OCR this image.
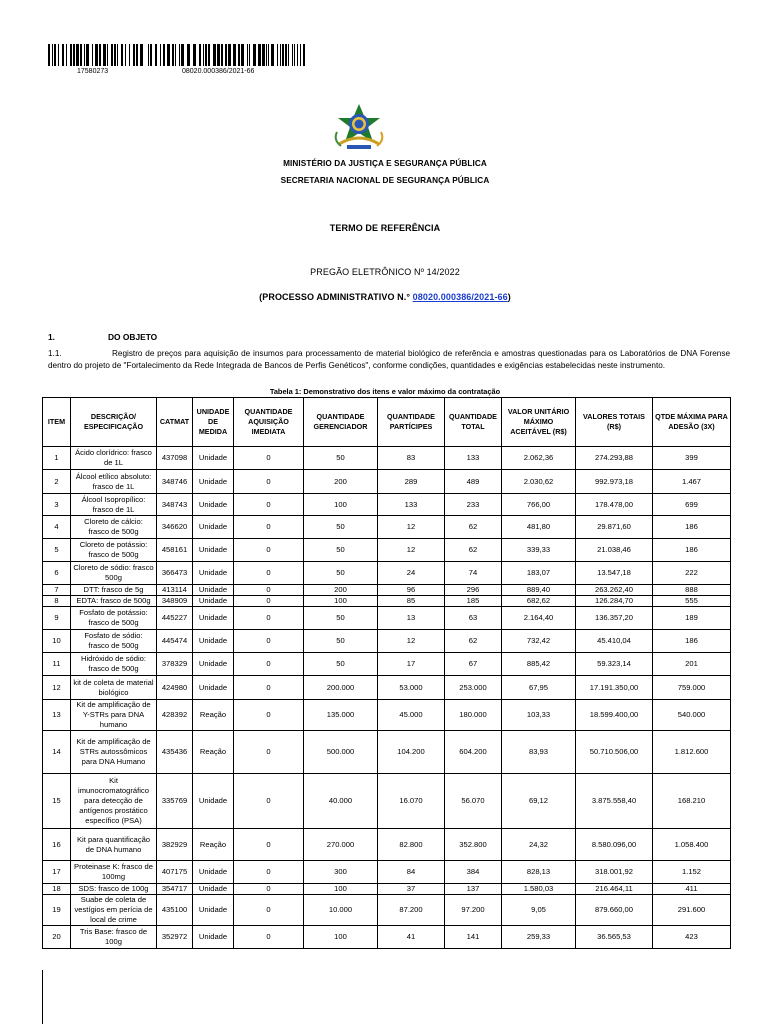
17580273	08020.000386/2021-66
MINISTÉRIO DA JUSTIÇA E SEGURANÇA PÚBLICA
SECRETARIA NACIONAL DE SEGURANÇA PÚBLICA
TERMO DE REFERÊNCIA
PREGÃO ELETRÔNICO Nº 14/2022
(PROCESSO ADMINISTRATIVO N.° 08020.000386/2021-66)
1.	DO OBJETO
1.1.	Registro de preços para aquisição de insumos para processamento de material biológico de referência e amostras questionadas para os Laboratórios de DNA Forense dentro do projeto de "Fortalecimento da Rede Integrada de Bancos de Perfis Genéticos", conforme condições, quantidades e exigências estabelecidas neste instrumento.
Tabela 1: Demonstrativo dos itens e valor máximo da contratação
ITEM	DESCRIÇÃO/ ESPECIFICAÇÃO	CATMAT	UNIDADE DE MEDIDA	QUANTIDADE AQUISIÇÃO IMEDIATA	QUANTIDADE GERENCIADOR	QUANTIDADE PARTÍCIPES	QUANTIDADE TOTAL	VALOR UNITÁRIO MÁXIMO ACEITÁVEL (R$)	VALORES TOTAIS (R$)	QTDE MÁXIMA PARA ADESÃO (3X)
1	Ácido clorídrico: frasco de 1L	437098	Unidade	0	50	83	133	2.062,36	274.293,88	399
2	Álcool etílico absoluto: frasco de 1L	348746	Unidade	0	200	289	489	2.030,62	992.973,18	1.467
3	Álcool Isopropílico: frasco de 1L	348743	Unidade	0	100	133	233	766,00	178.478,00	699
4	Cloreto de cálcio: frasco de 500g	346620	Unidade	0	50	12	62	481,80	29.871,60	186
5	Cloreto de potássio: frasco de 500g	458161	Unidade	0	50	12	62	339,33	21.038,46	186
6	Cloreto de sódio: frasco 500g	366473	Unidade	0	50	24	74	183,07	13.547,18	222
7	DTT: frasco de 5g	413114	Unidade	0	200	96	296	889,40	263.262,40	888
8	EDTA: frasco de 500g	348909	Unidade	0	100	85	185	682,62	126.284,70	555
9	Fosfato de potássio: frasco de 500g	445227	Unidade	0	50	13	63	2.164,40	136.357,20	189
10	Fosfato de sódio: frasco de 500g	445474	Unidade	0	50	12	62	732,42	45.410,04	186
11	Hidróxido de sódio: frasco de 500g	378329	Unidade	0	50	17	67	885,42	59.323,14	201
12	kit de coleta de material biológico	424980	Unidade	0	200.000	53.000	253.000	67,95	17.191.350,00	759.000
13	Kit de amplificação de Y-STRs para DNA humano	428392	Reação	0	135.000	45.000	180.000	103,33	18.599.400,00	540.000
14	Kit de amplificação de STRs autossômicos para DNA Humano	435436	Reação	0	500.000	104.200	604.200	83,93	50.710.506,00	1.812.600
15	Kit imunocromatográfico para detecção de antígenos prostático específico (PSA)	335769	Unidade	0	40.000	16.070	56.070	69,12	3.875.558,40	168.210
16	Kit para quantificação de DNA humano	382929	Reação	0	270.000	82.800	352.800	24,32	8.580.096,00	1.058.400
17	Proteinase K: frasco de 100mg	407175	Unidade	0	300	84	384	828,13	318.001,92	1.152
18	SDS: frasco de 100g	354717	Unidade	0	100	37	137	1.580,03	216.464,11	411
19	Suabe de coleta de vestígios em perícia de local de crime	435100	Unidade	0	10.000	87.200	97.200	9,05	879.660,00	291.600
20	Tris Base: frasco de 100g	352972	Unidade	0	100	41	141	259,33	36.565,53	423
